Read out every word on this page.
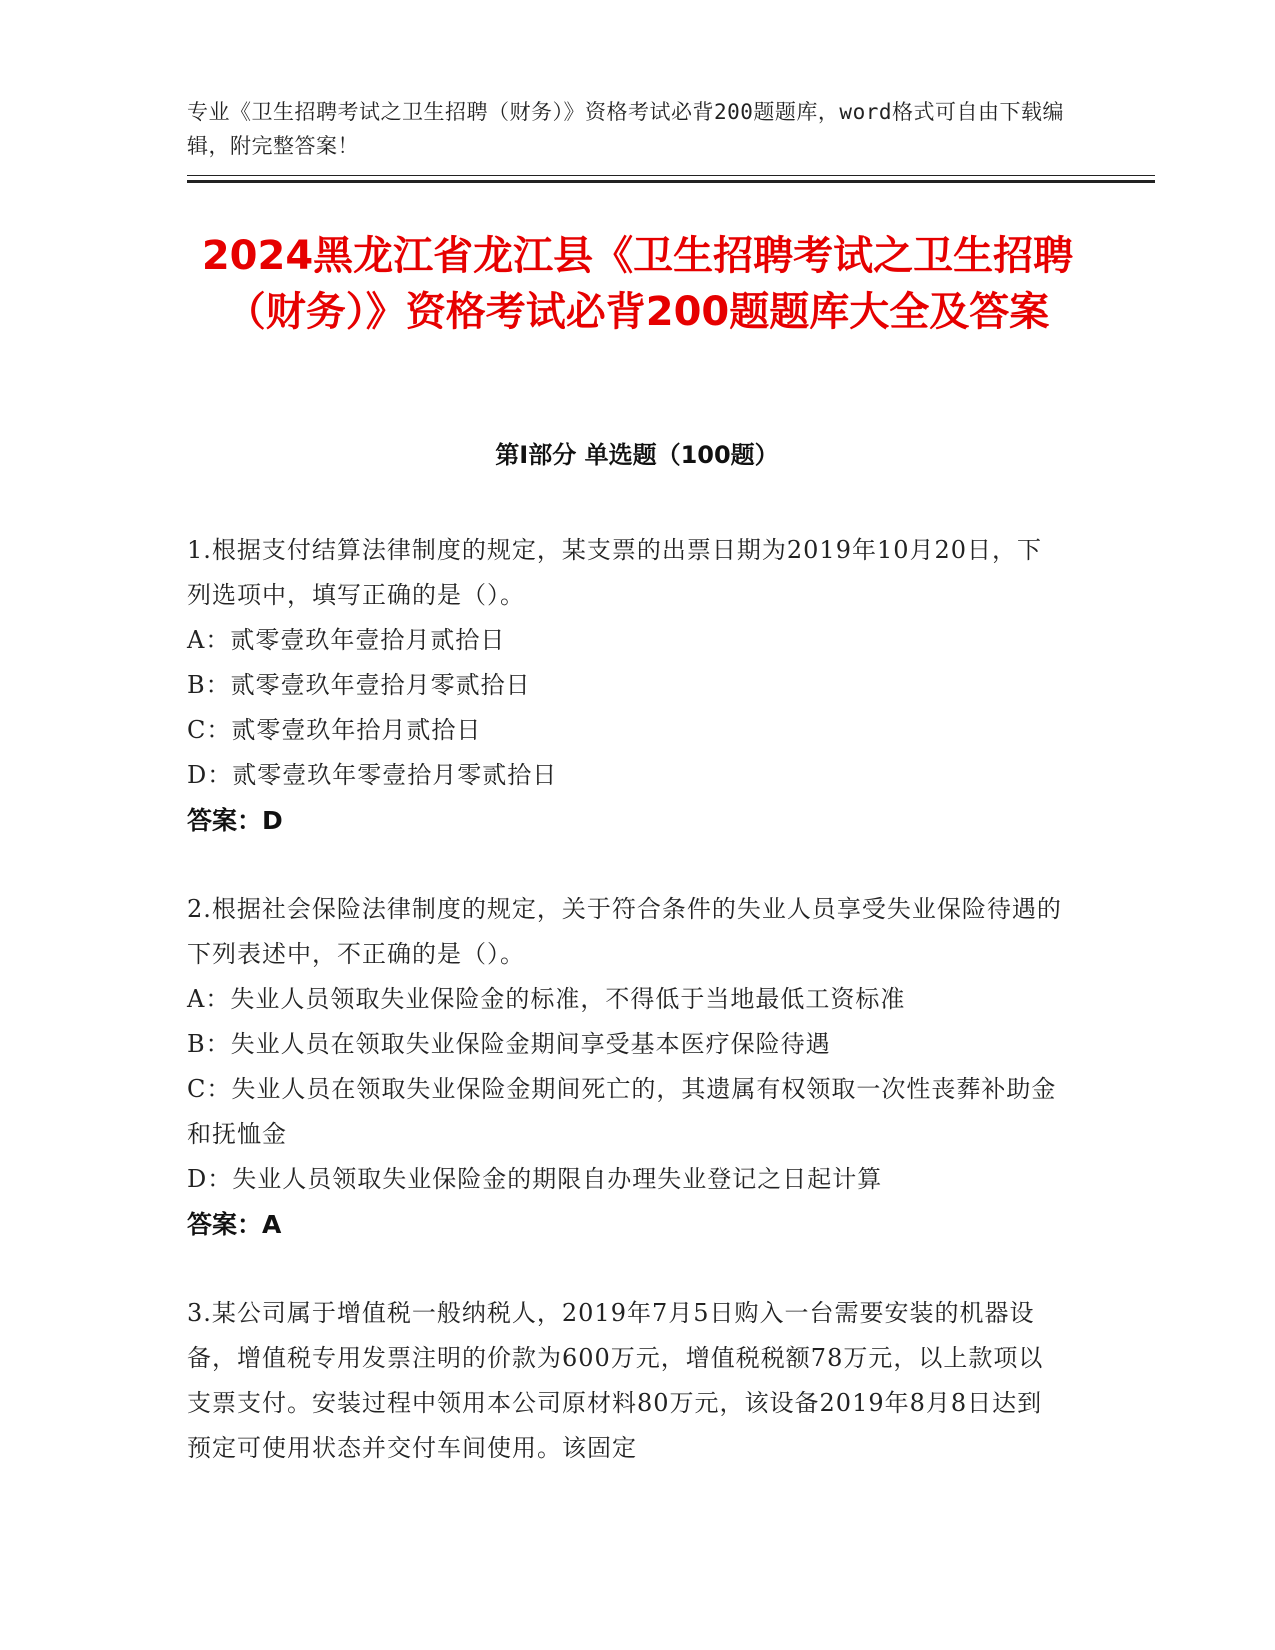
专业《卫生招聘考试之卫生招聘（财务）》资格考试必背200题题库，word格式可自由下载编辑，附完整答案！

2024黑龙江省龙江县《卫生招聘考试之卫生招聘（财务）》资格考试必背200题题库大全及答案
第Ⅰ部分 单选题（100题）

1.根据支付结算法律制度的规定，某支票的出票日期为2019年10月20日，下列选项中，填写正确的是（）。

A：贰零壹玖年壹拾月贰拾日

B：贰零壹玖年壹拾月零贰拾日

C：贰零壹玖年拾月贰拾日

D：贰零壹玖年零壹拾月零贰拾日

答案：D

2.根据社会保险法律制度的规定，关于符合条件的失业人员享受失业保险待遇的下列表述中，不正确的是（）。

A：失业人员领取失业保险金的标准，不得低于当地最低工资标准

B：失业人员在领取失业保险金期间享受基本医疗保险待遇

C：失业人员在领取失业保险金期间死亡的，其遗属有权领取一次性丧葬补助金和抚恤金

D：失业人员领取失业保险金的期限自办理失业登记之日起计算

答案：A

3.某公司属于增值税一般纳税人，2019年7月5日购入一台需要安装的机器设备，增值税专用发票注明的价款为600万元，增值税税额78万元，以上款项以支票支付。安装过程中领用本公司原材料80万元，该设备2019年8月8日达到预定可使用状态并交付车间使用。该固定
